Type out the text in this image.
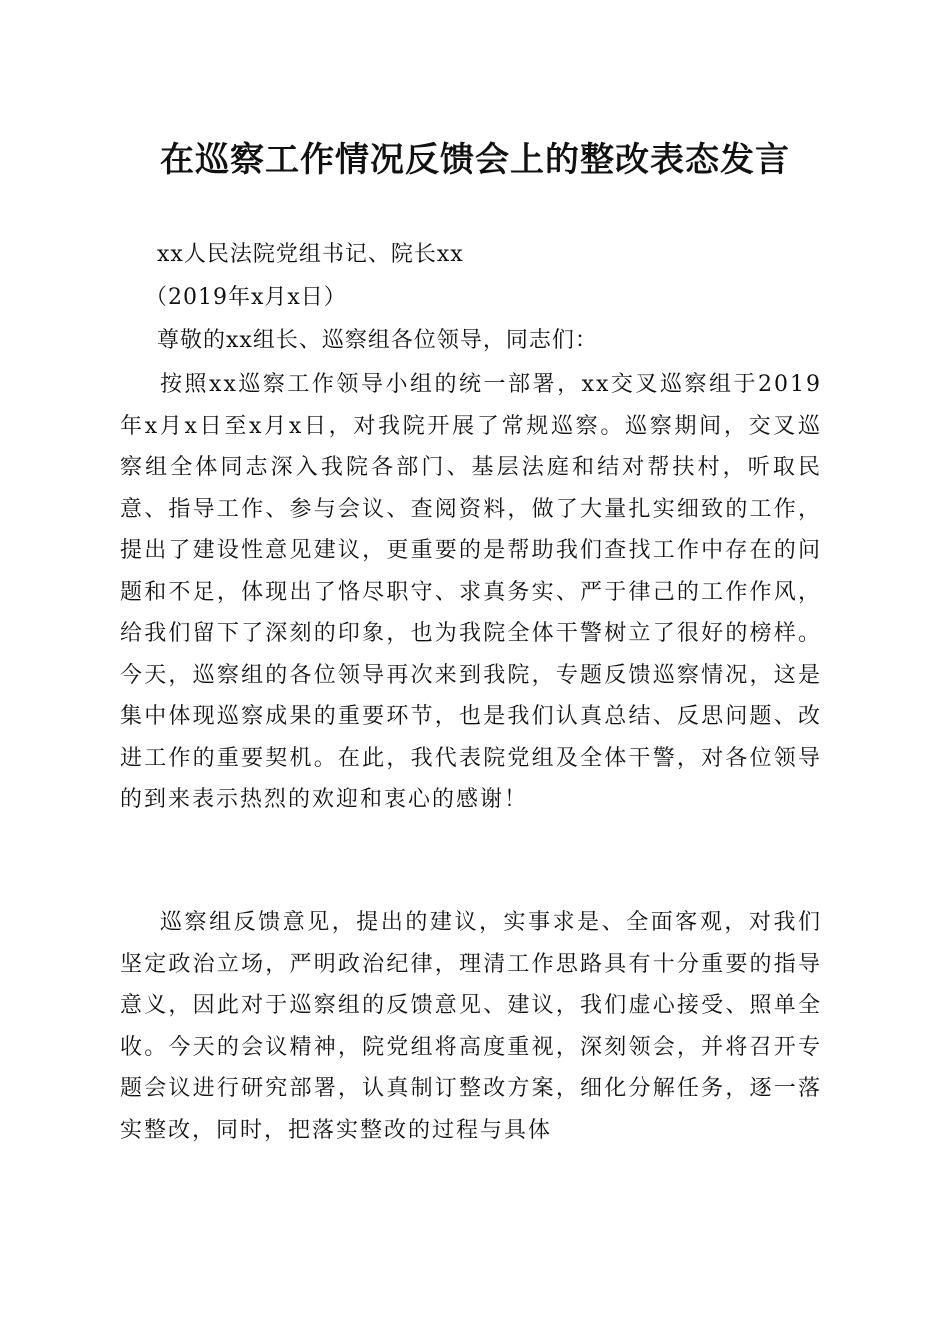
在巡察工作情况反馈会上的整改表态发言

xx人民法院党组书记、院长xx

（2019年x月x日）

尊敬的xx组长、巡察组各位领导，同志们：

按照xx巡察工作领导小组的统一部署，xx交叉巡察组于2019年x月x日至x月x日，对我院开展了常规巡察。巡察期间，交叉巡察组全体同志深入我院各部门、基层法庭和结对帮扶村，听取民意、指导工作、参与会议、查阅资料，做了大量扎实细致的工作，提出了建设性意见建议，更重要的是帮助我们查找工作中存在的问题和不足，体现出了恪尽职守、求真务实、严于律己的工作作风，给我们留下了深刻的印象，也为我院全体干警树立了很好的榜样。今天，巡察组的各位领导再次来到我院，专题反馈巡察情况，这是集中体现巡察成果的重要环节，也是我们认真总结、反思问题、改进工作的重要契机。在此，我代表院党组及全体干警，对各位领导的到来表示热烈的欢迎和衷心的感谢！

巡察组反馈意见，提出的建议，实事求是、全面客观，对我们坚定政治立场，严明政治纪律，理清工作思路具有十分重要的指导意义，因此对于巡察组的反馈意见、建议，我们虚心接受、照单全收。今天的会议精神，院党组将高度重视，深刻领会，并将召开专题会议进行研究部署，认真制订整改方案，细化分解任务，逐一落实整改，同时，把落实整改的过程与具体
